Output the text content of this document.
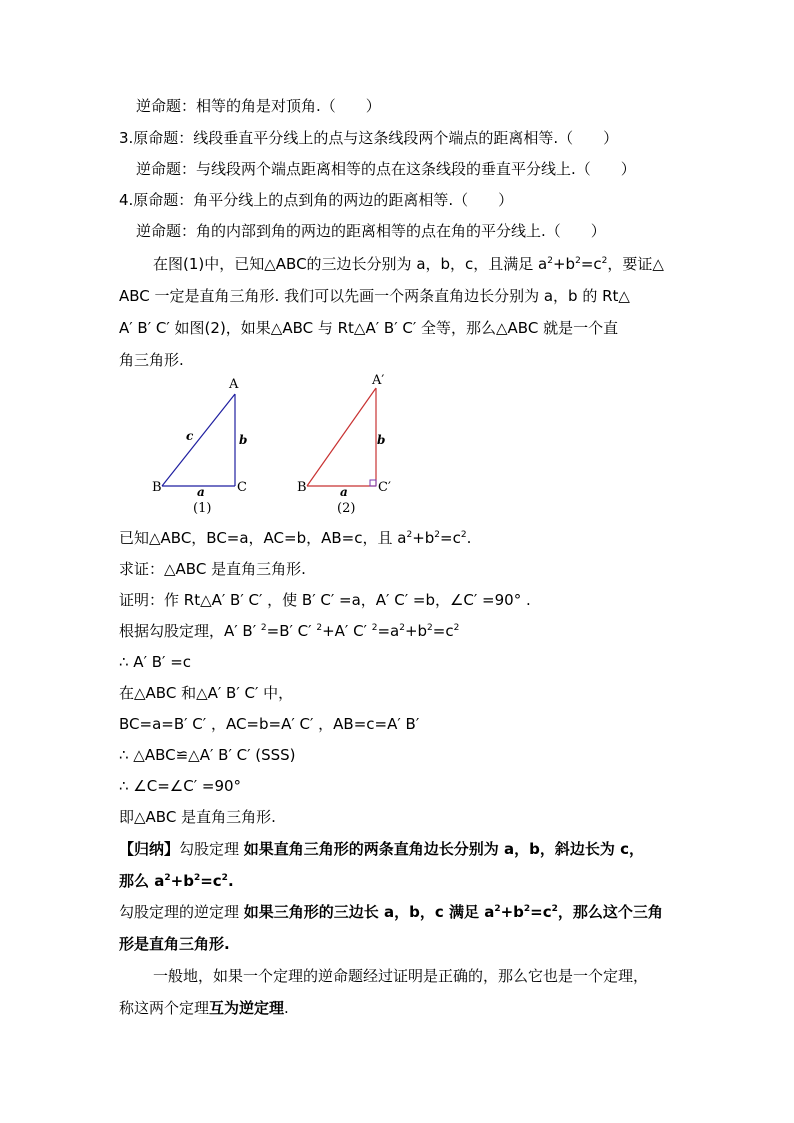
逆命题：相等的角是对顶角.（　　）
3.原命题：线段垂直平分线上的点与这条线段两个端点的距离相等.（　　）
逆命题：与线段两个端点距离相等的点在这条线段的垂直平分线上.（　　）
4.原命题：角平分线上的点到角的两边的距离相等.（　　）
逆命题：角的内部到角的两边的距离相等的点在角的平分线上.（　　）
在图(1)中，已知△ABC的三边长分别为 a，b，c，且满足 $a^2+b^2=c^2$，要证△
ABC 一定是直角三角形. 我们可以先画一个两条直角边长分别为 a，b 的 Rt△
A′ B′ C′ 如图(2)，如果△ABC 与 Rt△A′ B′ C′ 全等，那么△ABC 就是一个直
角三角形.
A
B	C
c	b
a
(1)
A′
B	C′
b
a
(2)
已知△ABC，BC=a，AC=b，AB=c，且 $a^2+b^2=c^2$.
求证：△ABC 是直角三角形.
证明：作 Rt△A′ B′ C′ ，使 B′ C′ =a，A′ C′ =b，∠C′ =90° .
根据勾股定理，A′ B′ $^2$=B′ C′ $^2$+A′ C′ $^2=a^2+b^2=c^2$
∴ A′ B′ =c
在△ABC 和△A′ B′ C′ 中，
BC=a=B′ C′ ，AC=b=A′ C′ ，AB=c=A′ B′
∴ △ABC≌△A′ B′ C′ (SSS)
∴ ∠C=∠C′ =90°
即△ABC 是直角三角形.
【归纳】勾股定理 如果直角三角形的两条直角边长分别为 a，b，斜边长为 c，
那么 $a^2+b^2=c^2$.
勾股定理的逆定理 如果三角形的三边长 a，b，c 满足 $a^2+b^2=c^2$，那么这个三角
形是直角三角形.
一般地，如果一个定理的逆命题经过证明是正确的，那么它也是一个定理，
称这两个定理互为逆定理.
